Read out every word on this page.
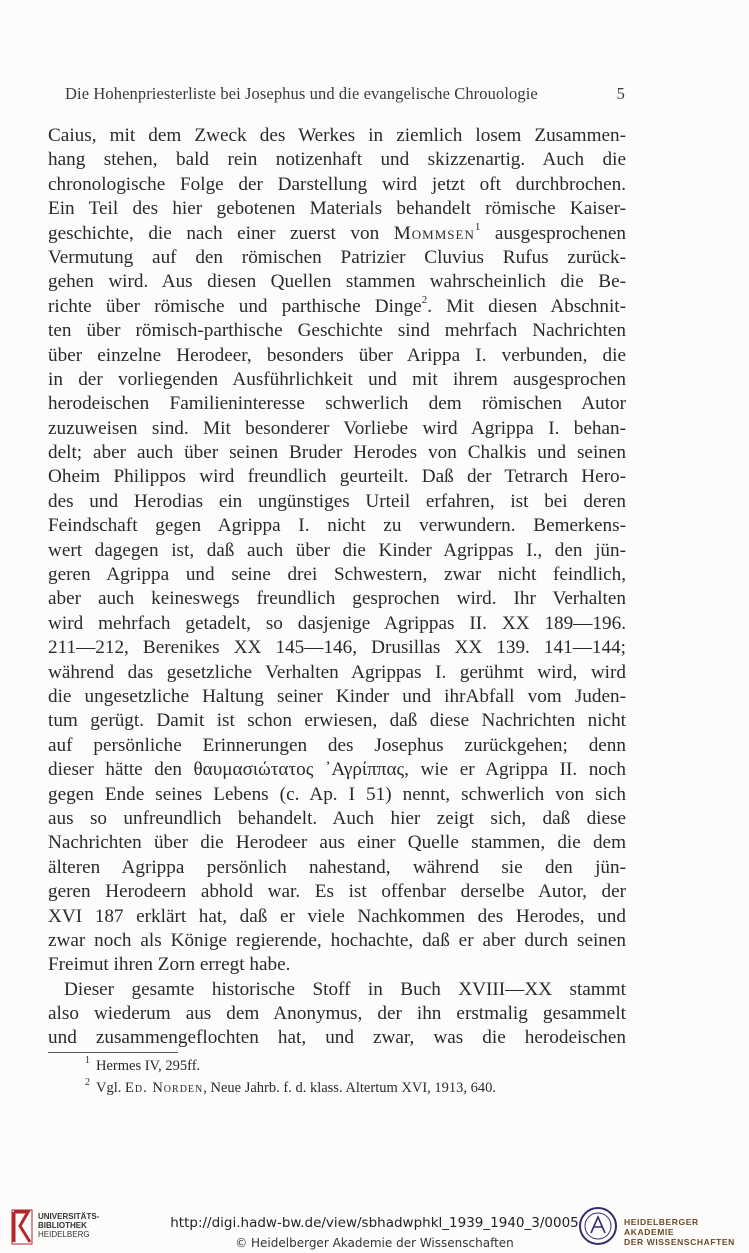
Die Hohenpriesterliste bei Josephus und die evangelische Chrouologie	5
Caius, mit dem Zweck des Werkes in ziemlich losem Zusammen-
hang stehen, bald rein notizenhaft und skizzenartig. Auch die
chronologische Folge der Darstellung wird jetzt oft durchbrochen.
Ein Teil des hier gebotenen Materials behandelt römische Kaiser-
geschichte, die nach einer zuerst von Mommsen$^1$ ausgesprochenen
Vermutung auf den römischen Patrizier Cluvius Rufus zurück-
gehen wird. Aus diesen Quellen stammen wahrscheinlich die Be-
richte über römische und parthische Dinge$^2$. Mit diesen Abschnit-
ten über römisch-parthische Geschichte sind mehrfach Nachrichten
über einzelne Herodeer, besonders über Arippa I. verbunden, die
in der vorliegenden Ausführlichkeit und mit ihrem ausgesprochen
herodeischen Familieninteresse schwerlich dem römischen Autor
zuzuweisen sind. Mit besonderer Vorliebe wird Agrippa I. behan-
delt; aber auch über seinen Bruder Herodes von Chalkis und seinen
Oheim Philippos wird freundlich geurteilt. Daß der Tetrarch Hero-
des und Herodias ein ungünstiges Urteil erfahren, ist bei deren
Feindschaft gegen Agrippa I. nicht zu verwundern. Bemerkens-
wert dagegen ist, daß auch über die Kinder Agrippas I., den jün-
geren Agrippa und seine drei Schwestern, zwar nicht feindlich,
aber auch keineswegs freundlich gesprochen wird. Ihr Verhalten
wird mehrfach getadelt, so dasjenige Agrippas II. XX 189—196.
211—212, Berenikes XX 145—146, Drusillas XX 139. 141—144;
während das gesetzliche Verhalten Agrippas I. gerühmt wird, wird
die ungesetzliche Haltung seiner Kinder und ihrAbfall vom Juden-
tum gerügt. Damit ist schon erwiesen, daß diese Nachrichten nicht
auf persönliche Erinnerungen des Josephus zurückgehen; denn
dieser hätte den θαυμασιώτατος ᾿Αγρίππας, wie er Agrippa II. noch
gegen Ende seines Lebens (c. Ap. I 51) nennt, schwerlich von sich
aus so unfreundlich behandelt. Auch hier zeigt sich, daß diese
Nachrichten über die Herodeer aus einer Quelle stammen, die dem
älteren Agrippa persönlich nahestand, während sie den jün-
geren Herodeern abhold war. Es ist offenbar derselbe Autor, der
XVI 187 erklärt hat, daß er viele Nachkommen des Herodes, und
zwar noch als Könige regierende, hochachte, daß er aber durch seinen
Freimut ihren Zorn erregt habe.
Dieser gesamte historische Stoff in Buch XVIII—XX stammt
also wiederum aus dem Anonymus, der ihn erstmalig gesammelt
und zusammengeflochten hat, und zwar, was die herodeischen
$^1$ Hermes IV, 295ff.
$^2$ Vgl. Ed. Norden, Neue Jahrb. f. d. klass. Altertum XVI, 1913, 640.
UNIVERSITÄTS-
BIBLIOTHEK
HEIDELBERG
http://digi.hadw-bw.de/view/sbhadwphkl_1939_1940_3/0005
© Heidelberger Akademie der Wissenschaften
HEIDELBERGER AKADEMIE
DER WISSENSCHAFTEN
